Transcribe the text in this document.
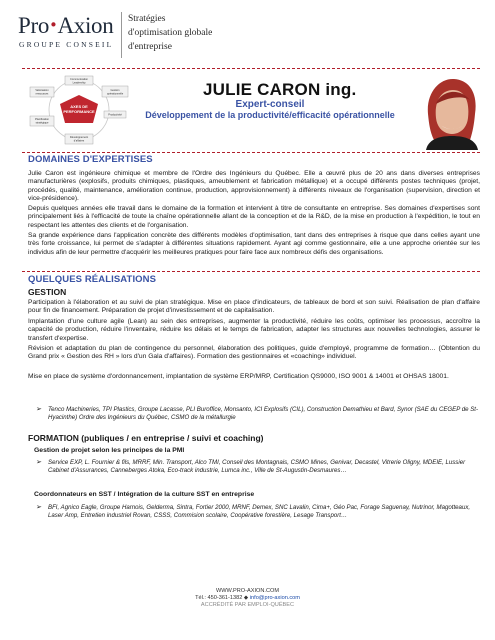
Pro·Axion
GROUPE CONSEIL
Stratégies
d'optimisation globale
d'entreprise
AXES DE
PERFORMANCE
Communication
Leadership
Gestion
opérationnelle
Productivité
Développement
d'affaires
Planification
stratégique
Valorisation
ressources	JULIE CARON ing.
Expert-conseil
Développement de la productivité/efficacité opérationnelle
DOMAINES D'EXPERTISES

Julie Caron est ingénieure chimique et membre de l'Ordre des Ingénieurs du Québec. Elle a œuvré plus de 20 ans dans diverses entreprises manufacturières (explosifs, produits chimiques, plastiques, ameublement et fabrication métallique) et a occupé différents postes techniques (projet, procédés, qualité, maintenance, amélioration continue, production, approvisionnement) à différents niveaux de l'organisation (supervision, direction et vice-présidence).

Depuis quelques années elle travail dans le domaine de la formation et intervient à titre de consultante en entreprise. Ses domaines d'expertises sont principalement liés à l'efficacité de toute la chaîne opérationnelle allant de la conception et de la R&D, de la mise en production à l'expédition, le tout en respectant les attentes des clients et de l'organisation.

Sa grande expérience dans l'application concrète des différents modèles d'optimisation, tant dans des entreprises à risque que dans celles ayant une très forte croissance, lui permet de s'adapter à différentes situations rapidement. Ayant agi comme gestionnaire, elle a une approche orientée sur les individus afin de leur permettre d'acquérir les meilleures pratiques pour faire face aux nombreux défis des organisations.

QUELQUES RÉALISATIONS
GESTION

Participation à l'élaboration et au suivi de plan stratégique. Mise en place d'indicateurs, de tableaux de bord et son suivi. Réalisation de plan d'affaire pour fin de financement. Préparation de projet d'investissement et de capitalisation.

Implantation d'une culture agile (Lean) au sein des entreprises, augmenter la productivité, réduire les coûts, optimiser les processus, accroître la capacité de production, réduire l'inventaire, réduire les délais et le temps de fabrication, adapter les structures aux nouvelles technologies, assurer le transfert d'expertise.

Révision et adaptation du plan de contingence du personnel, élaboration des politiques, guide d'employé, programme de formation… (Obtention du Grand prix « Gestion des RH » lors d'un Gala d'affaires). Formation des gestionnaires et «coaching» individuel.

Mise en place de système d'ordonnancement, implantation de système ERP/MRP, Certification QS9000, ISO 9001 & 14001 et OHSAS 18001.

➢	Tenco Machineries, TPI Plastics, Groupe Lacasse, PLI Buroffice, Monsanto, ICI Explosifs (CIL), Construction Demathieu et Bard, Synor (SAE du CEGEP de St-Hyacinthe) Ordre des Ingénieurs du Québec, CSMO de la métallurgie
FORMATION (publiques / en entreprise / suivi et coaching)
Gestion de projet selon les principes de la PMI
➢	Service EXP, L. Fournier & fils, MRRF, Min. Transport, Alco TMI, Conseil des Montagnais, CSMO Mines, Genivar, Decastel, Vitrerie Oligny, MDEIE, Lussier Cabinet d'Assurances, Canneberges Atoka, Eco-track industrie, Lumca inc., Ville de St-Augustin-Desmaures…
Coordonnateurs en SST / Intégration de la culture SST en entreprise
➢	BFI, Agnico Eagle, Groupe Harnois, Gelderma, Sintra, Fortier 2000, MRNF, Demex, SNC Lavalin, Cima+, Géo Pac, Forage Saguenay, Nutrinor, Magotteaux, Laser Amp, Entretien industriel Rovan, CSSS, Commision scolaire, Coopérative forestière, Lesage Transport…
WWW.PRO-AXION.COM
Tél.: 450-361-1382 ◆ info@pro-axion.com
ACCRÉDITÉ PAR EMPLOI-QUÉBEC
